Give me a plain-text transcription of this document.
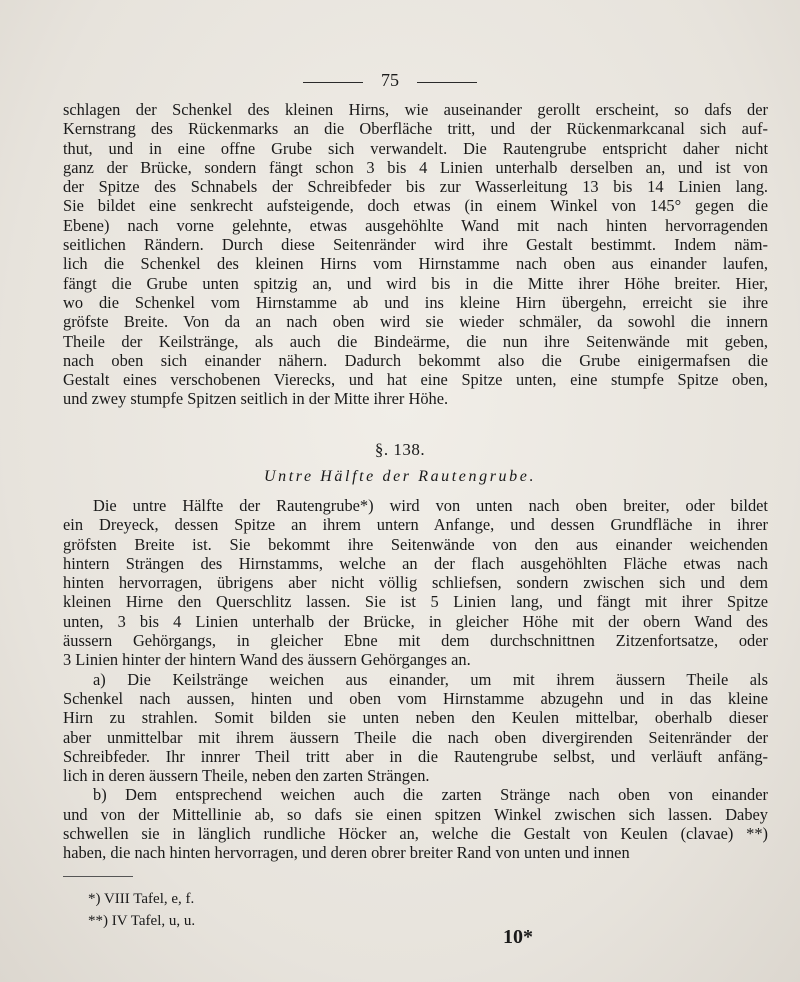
75
schlagen der Schenkel des kleinen Hirns, wie auseinander gerollt erscheint, so dafs der
Kernstrang des Rückenmarks an die Oberfläche tritt, und der Rückenmarkcanal sich auf-
thut, und in eine offne Grube sich verwandelt. Die Rautengrube entspricht daher nicht
ganz der Brücke, sondern fängt schon 3 bis 4 Linien unterhalb derselben an, und ist von
der Spitze des Schnabels der Schreibfeder bis zur Wasserleitung 13 bis 14 Linien lang.
Sie bildet eine senkrecht aufsteigende, doch etwas (in einem Winkel von 145° gegen die
Ebene) nach vorne gelehnte, etwas ausgehöhlte Wand mit nach hinten hervorragenden
seitlichen Rändern. Durch diese Seitenränder wird ihre Gestalt bestimmt. Indem näm-
lich die Schenkel des kleinen Hirns vom Hirnstamme nach oben aus einander laufen,
fängt die Grube unten spitzig an, und wird bis in die Mitte ihrer Höhe breiter. Hier,
wo die Schenkel vom Hirnstamme ab und ins kleine Hirn übergehn, erreicht sie ihre
gröfste Breite. Von da an nach oben wird sie wieder schmäler, da sowohl die innern
Theile der Keilstränge, als auch die Bindeärme, die nun ihre Seitenwände mit geben,
nach oben sich einander nähern. Dadurch bekommt also die Grube einigermafsen die
Gestalt eines verschobenen Vierecks, und hat eine Spitze unten, eine stumpfe Spitze oben,
und zwey stumpfe Spitzen seitlich in der Mitte ihrer Höhe.
§. 138.
Untre Hälfte der Rautengrube.
Die untre Hälfte der Rautengrube*) wird von unten nach oben breiter, oder bildet
ein Dreyeck, dessen Spitze an ihrem untern Anfange, und dessen Grundfläche in ihrer
gröfsten Breite ist. Sie bekommt ihre Seitenwände von den aus einander weichenden
hintern Strängen des Hirnstamms, welche an der flach ausgehöhlten Fläche etwas nach
hinten hervorragen, übrigens aber nicht völlig schliefsen, sondern zwischen sich und dem
kleinen Hirne den Querschlitz lassen. Sie ist 5 Linien lang, und fängt mit ihrer Spitze
unten, 3 bis 4 Linien unterhalb der Brücke, in gleicher Höhe mit der obern Wand des
äussern Gehörgangs, in gleicher Ebne mit dem durchschnittnen Zitzenfortsatze, oder
3 Linien hinter der hintern Wand des äussern Gehörganges an.
a) Die Keilstränge weichen aus einander, um mit ihrem äussern Theile als
Schenkel nach aussen, hinten und oben vom Hirnstamme abzugehn und in das kleine
Hirn zu strahlen. Somit bilden sie unten neben den Keulen mittelbar, oberhalb dieser
aber unmittelbar mit ihrem äussern Theile die nach oben divergirenden Seitenränder der
Schreibfeder. Ihr innrer Theil tritt aber in die Rautengrube selbst, und verläuft anfäng-
lich in deren äussern Theile, neben den zarten Strängen.
b) Dem entsprechend weichen auch die zarten Stränge nach oben von einander
und von der Mittellinie ab, so dafs sie einen spitzen Winkel zwischen sich lassen. Dabey
schwellen sie in länglich rundliche Höcker an, welche die Gestalt von Keulen (clavae) **)
haben, die nach hinten hervorragen, und deren obrer breiter Rand von unten und innen
*) VIII Tafel, e, f.
**) IV Tafel, u, u.
10*
